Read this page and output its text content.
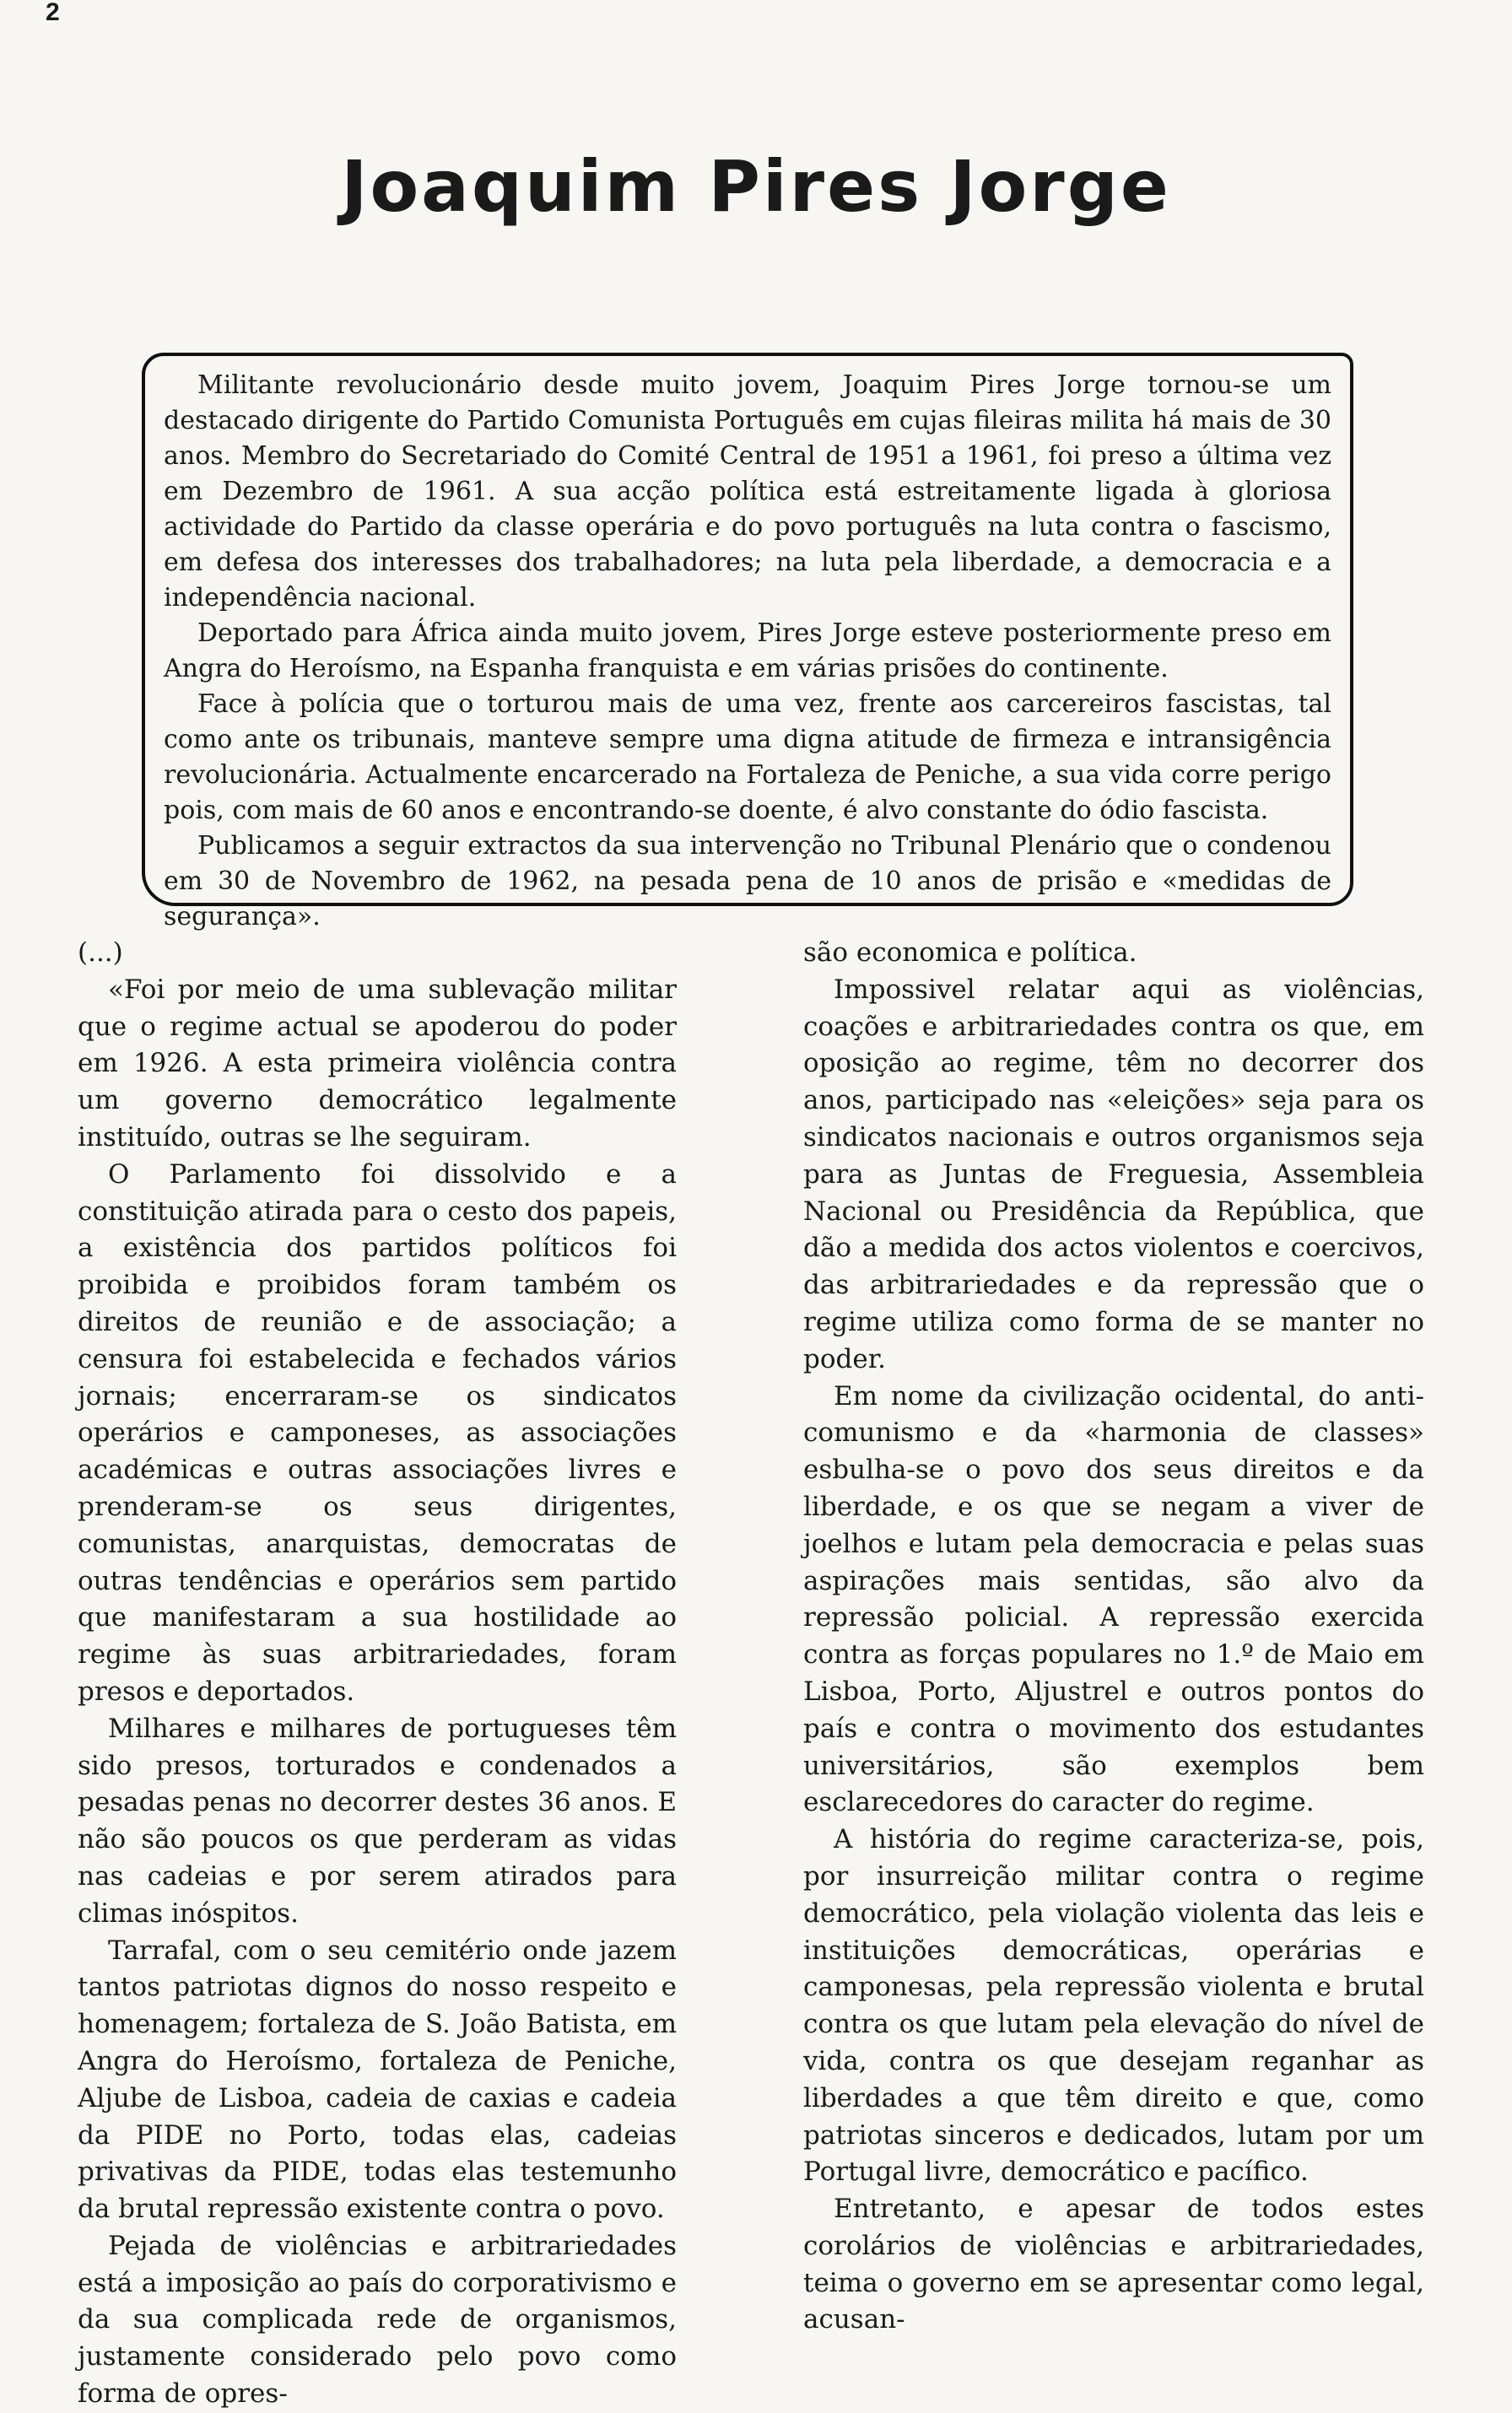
2
Joaquim Pires Jorge

Militante revolucionário desde muito jovem, Joaquim Pires Jorge tornou-se um destacado dirigente do Partido Comunista Português em cujas fileiras milita há mais de 30 anos. Membro do Secretariado do Comité Central de 1951 a 1961, foi preso a última vez em Dezembro de 1961. A sua acção política está estreitamente ligada à gloriosa actividade do Partido da classe operária e do povo português na luta contra o fascismo, em defesa dos interesses dos trabalhadores; na luta pela liberdade, a democracia e a independência nacional.

Deportado para África ainda muito jovem, Pires Jorge esteve posteriormente preso em Angra do Heroísmo, na Espanha franquista e em várias prisões do continente.

Face à polícia que o torturou mais de uma vez, frente aos carcereiros fascistas, tal como ante os tribunais, manteve sempre uma digna atitude de firmeza e intransigência revolucionária. Actualmente encarcerado na Fortaleza de Peniche, a sua vida corre perigo pois, com mais de 60 anos e encontrando-se doente, é alvo constante do ódio fascista.

Publicamos a seguir extractos da sua intervenção no Tribunal Plenário que o condenou em 30 de Novembro de 1962, na pesada pena de 10 anos de prisão e «medidas de segurança».

(...)

«Foi por meio de uma sublevação militar que o regime actual se apoderou do poder em 1926. A esta primeira violência contra um governo democrático legalmente instituído, outras se lhe seguiram.

O Parlamento foi dissolvido e a constituição atirada para o cesto dos papeis, a existência dos partidos políticos foi proibida e proibidos foram também os direitos de reunião e de associação; a censura foi estabelecida e fechados vários jornais; encerraram-se os sindicatos operários e camponeses, as associações académicas e outras associações livres e prenderam-se os seus dirigentes, comunistas, anarquistas, democratas de outras tendências e operários sem partido que manifestaram a sua hostilidade ao regime às suas arbitrariedades, foram presos e deportados.

Milhares e milhares de portugueses têm sido presos, torturados e condenados a pesadas penas no decorrer destes 36 anos. E não são poucos os que perderam as vidas nas cadeias e por serem atirados para climas inóspitos.

Tarrafal, com o seu cemitério onde jazem tantos patriotas dignos do nosso respeito e homenagem; fortaleza de S. João Batista, em Angra do Heroísmo, fortaleza de Peniche, Aljube de Lisboa, cadeia de caxias e cadeia da PIDE no Porto, todas elas, cadeias privativas da PIDE, todas elas testemunho da brutal repressão existente contra o povo.

Pejada de violências e arbitrariedades está a imposição ao país do corporativismo e da sua complicada rede de organismos, justamente considerado pelo povo como forma de opres-

são economica e política.

Impossivel relatar aqui as violências, coações e arbitrariedades contra os que, em oposição ao regime, têm no decorrer dos anos, participado nas «eleições» seja para os sindicatos nacionais e outros organismos seja para as Juntas de Freguesia, Assembleia Nacional ou Presidência da República, que dão a medida dos actos violentos e coercivos, das arbitrariedades e da repressão que o regime utiliza como forma de se manter no poder.

Em nome da civilização ocidental, do anti-comunismo e da «harmonia de classes» esbulha-se o povo dos seus direitos e da liberdade, e os que se negam a viver de joelhos e lutam pela democracia e pelas suas aspirações mais sentidas, são alvo da repressão policial. A repressão exercida contra as forças populares no 1.º de Maio em Lisboa, Porto, Aljustrel e outros pontos do país e contra o movimento dos estudantes universitários, são exemplos bem esclarecedores do caracter do regime.

A história do regime caracteriza-se, pois, por insurreição militar contra o regime democrático, pela violação violenta das leis e instituições democráticas, operárias e camponesas, pela repressão violenta e brutal contra os que lutam pela elevação do nível de vida, contra os que desejam reganhar as liberdades a que têm direito e que, como patriotas sinceros e dedicados, lutam por um Portugal livre, democrático e pacífico.

Entretanto, e apesar de todos estes corolários de violências e arbitrariedades, teima o governo em se apresentar como legal, acusan-
